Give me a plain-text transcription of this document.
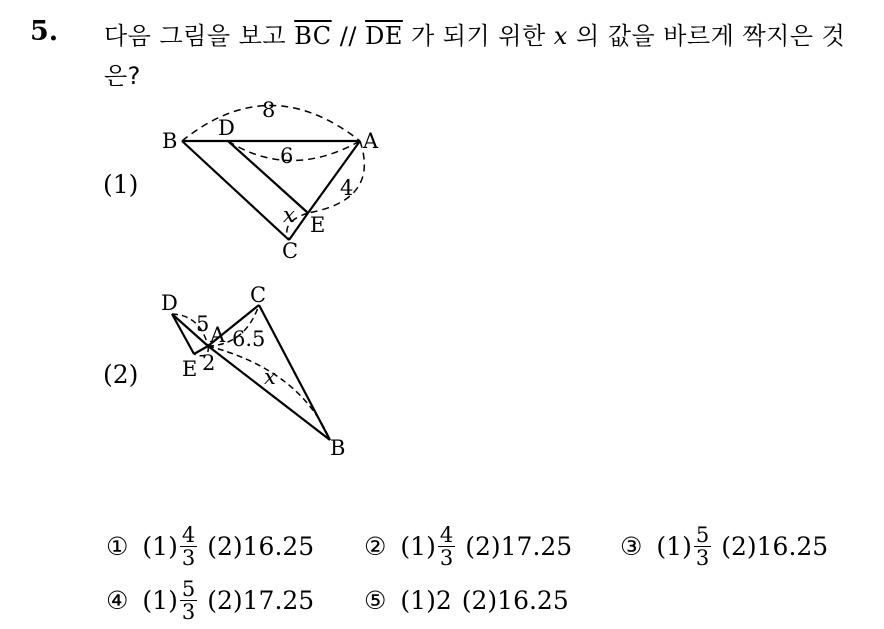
5. 다음 그림을 보고 $\overline{BC} // \overline{DE}$ 가 되기 위한 x 의 값을 바르게 짝지은 것은?
(1)
(2)
B
D
A
E
C
8
6
4
x
D	C
A
E
B
5
2
6.5
x
① $(1) \frac{4}{3} (2)16.25$ ② $(1) \frac{4}{3} (2)17.25$ ③ $(1) \frac{5}{3} (2)16.25$
④ $(1) \frac{5}{3} (2)17.25$ ⑤ (1)2 (2)16.25
